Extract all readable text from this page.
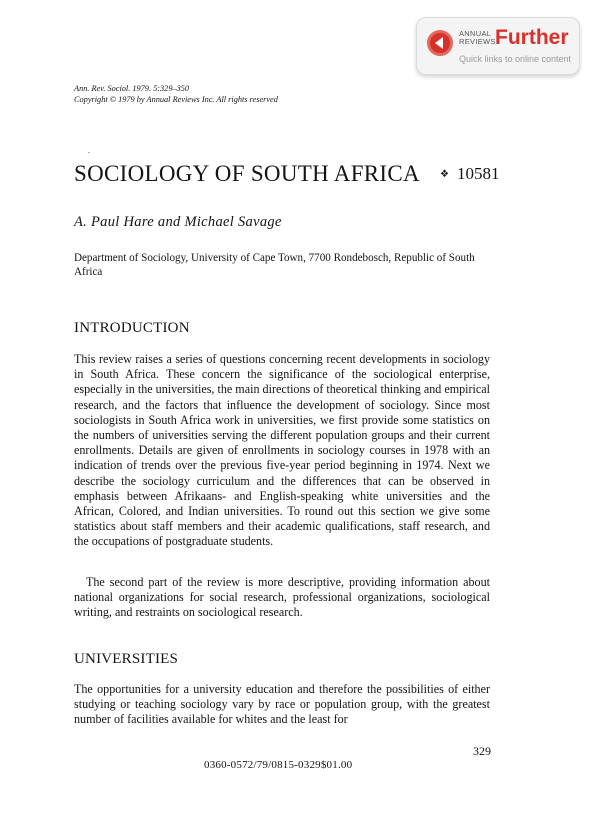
ANNUAL
REVIEWS Further
Quick links to online content
Ann. Rev. Sociol. 1979. 5:329–350
Copyright © 1979 by Annual Reviews Inc. All rights reserved
SOCIOLOGY OF SOUTH AFRICA ❖ 10581
A. Paul Hare and Michael Savage
Department of Sociology, University of Cape Town, 7700 Rondebosch, Republic of South Africa
INTRODUCTION

This review raises a series of questions concerning recent developments in sociology in South Africa. These concern the significance of the sociological enterprise, especially in the universities, the main directions of theoretical thinking and empirical research, and the factors that influence the development of sociology. Since most sociologists in South Africa work in universities, we first provide some statistics on the numbers of universities serving the different population groups and their current enrollments. Details are given of enrollments in sociology courses in 1978 with an indication of trends over the previous five-year period beginning in 1974. Next we describe the sociology curriculum and the differences that can be observed in emphasis between Afrikaans- and English-speaking white universities and the African, Colored, and Indian universities. To round out this section we give some statistics about staff members and their academic qualifications, staff research, and the occupations of postgraduate students.

The second part of the review is more descriptive, providing information about national organizations for social research, professional organizations, sociological writing, and restraints on sociological research.

UNIVERSITIES

The opportunities for a university education and therefore the possibilities of either studying or teaching sociology vary by race or population group, with the greatest number of facilities available for whites and the least for

329
0360-0572/79/0815-0329$01.00
